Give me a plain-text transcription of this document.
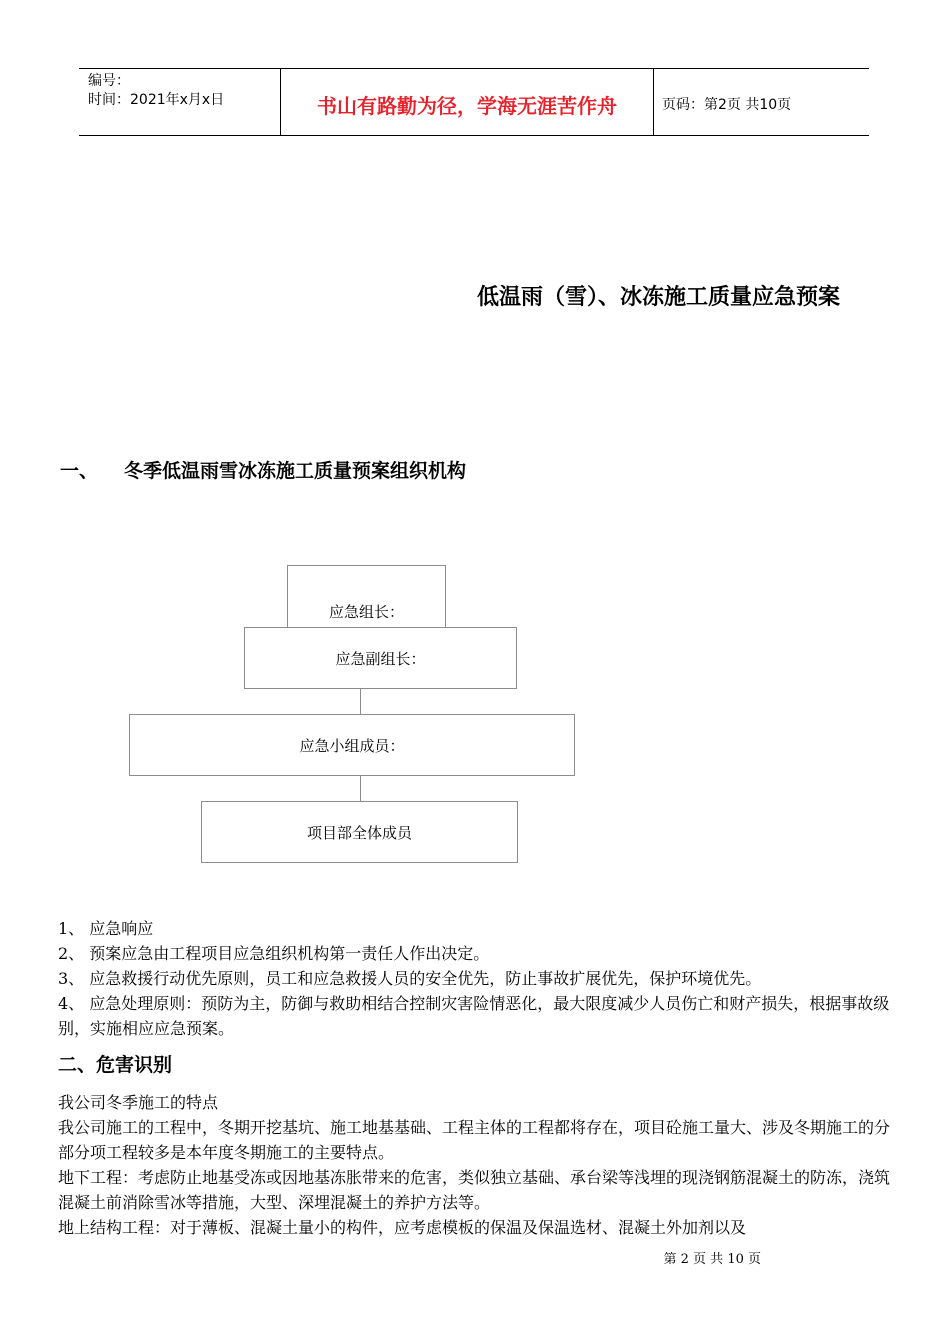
编号：
时间：2021年x月x日	书山有路勤为径，学海无涯苦作舟	页码：第2页 共10页
低温雨（雪）、冰冻施工质量应急预案
一、 冬季低温雨雪冰冻施工质量预案组织机构
应急组长：
应急副组长：
应急小组成员：
项目部全体成员

1、 应急响应

2、 预案应急由工程项目应急组织机构第一责任人作出决定。

3、 应急救援行动优先原则，员工和应急救援人员的安全优先，防止事故扩展优先，保护环境优先。

4、 应急处理原则：预防为主，防御与救助相结合控制灾害险情恶化，最大限度减少人员伤亡和财产损失，根据事故级别，实施相应应急预案。

二、危害识别

我公司冬季施工的特点

我公司施工的工程中，冬期开挖基坑、施工地基基础、工程主体的工程都将存在，项目砼施工量大、涉及冬期施工的分部分项工程较多是本年度冬期施工的主要特点。

地下工程：考虑防止地基受冻或因地基冻胀带来的危害，类似独立基础、承台梁等浅埋的现浇钢筋混凝土的防冻，浇筑混凝土前消除雪冰等措施，大型、深埋混凝土的养护方法等。

地上结构工程：对于薄板、混凝土量小的构件，应考虑模板的保温及保温选材、混凝土外加剂以及

第 2 页 共 10 页
